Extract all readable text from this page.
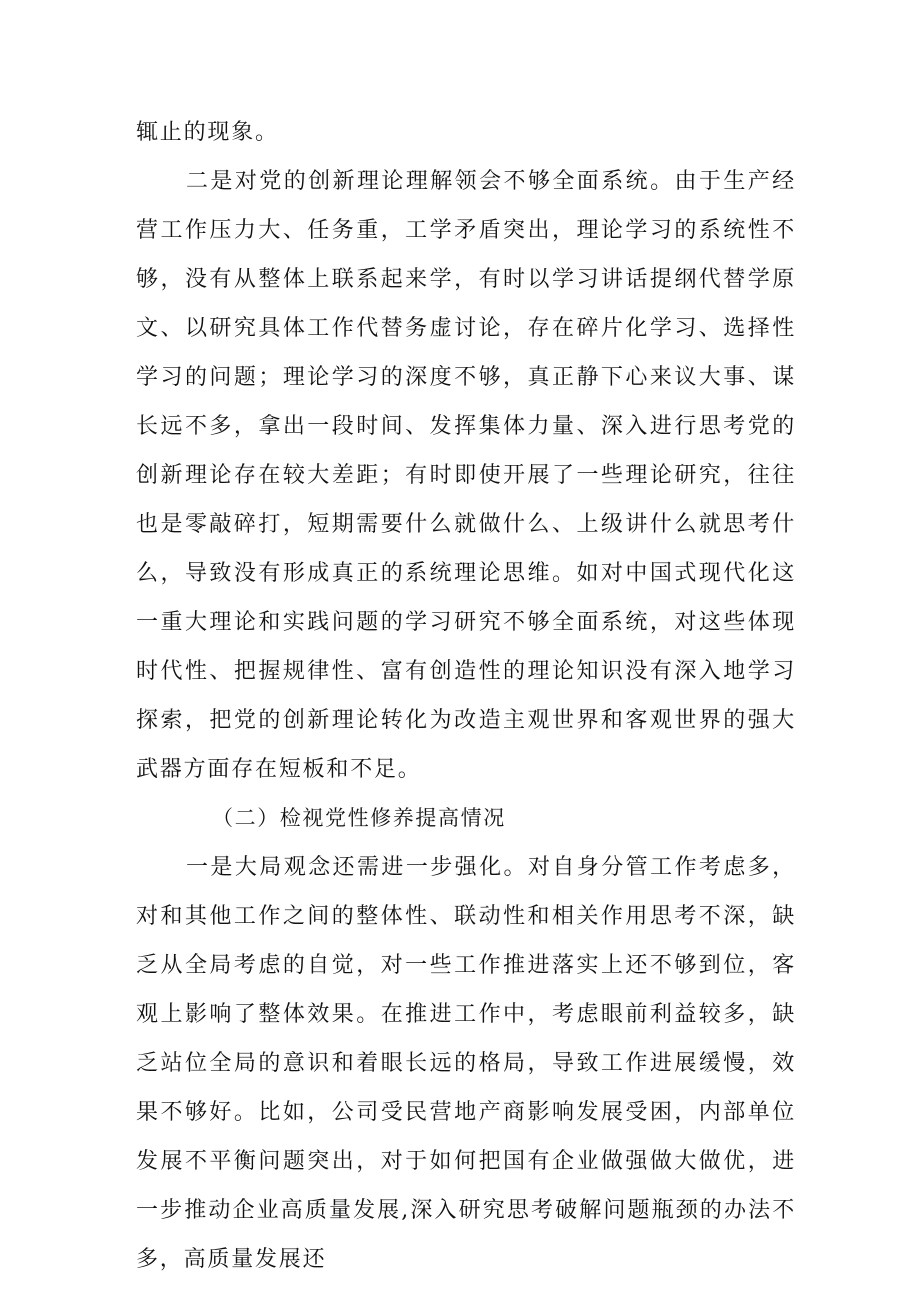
辄止的现象。

二是对党的创新理论理解领会不够全面系统。由于生产经营工作压力大、任务重，工学矛盾突出，理论学习的系统性不够，没有从整体上联系起来学，有时以学习讲话提纲代替学原文、以研究具体工作代替务虚讨论，存在碎片化学习、选择性学习的问题；理论学习的深度不够，真正静下心来议大事、谋长远不多，拿出一段时间、发挥集体力量、深入进行思考党的创新理论存在较大差距；有时即使开展了一些理论研究，往往也是零敲碎打，短期需要什么就做什么、上级讲什么就思考什么，导致没有形成真正的系统理论思维。如对中国式现代化这一重大理论和实践问题的学习研究不够全面系统，对这些体现时代性、把握规律性、富有创造性的理论知识没有深入地学习探索，把党的创新理论转化为改造主观世界和客观世界的强大武器方面存在短板和不足。

（二）检视党性修养提高情况

一是大局观念还需进一步强化。对自身分管工作考虑多，对和其他工作之间的整体性、联动性和相关作用思考不深，缺乏从全局考虑的自觉，对一些工作推进落实上还不够到位，客观上影响了整体效果。在推进工作中，考虑眼前利益较多，缺乏站位全局的意识和着眼长远的格局，导致工作进展缓慢，效果不够好。比如，公司受民营地产商影响发展受困，内部单位发展不平衡问题突出，对于如何把国有企业做强做大做优，进一步推动企业高质量发展,深入研究思考破解问题瓶颈的办法不多，高质量发展还
